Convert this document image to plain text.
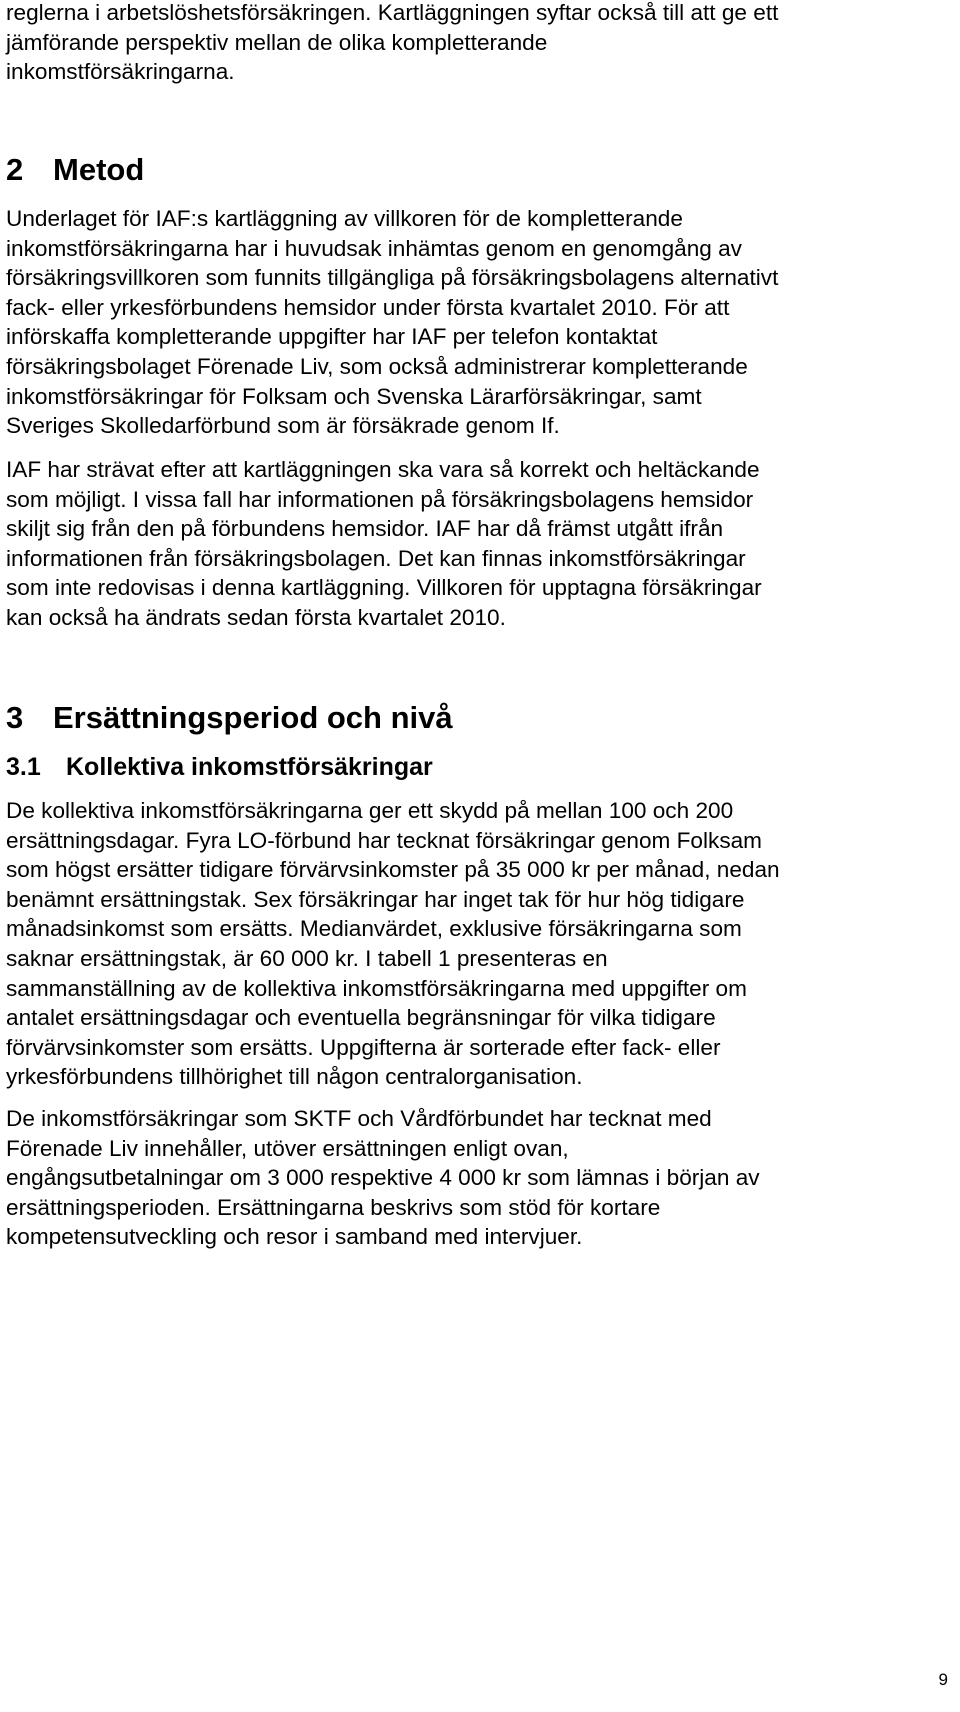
reglerna i arbetslöshetsförsäkringen. Kartläggningen syftar också till att ge ett
jämförande perspektiv mellan de olika kompletterande
inkomstförsäkringarna.

2 Metod

Underlaget för IAF:s kartläggning av villkoren för de kompletterande
inkomstförsäkringarna har i huvudsak inhämtas genom en genomgång av
försäkringsvillkoren som funnits tillgängliga på försäkringsbolagens alternativt
fack- eller yrkesförbundens hemsidor under första kvartalet 2010. För att
införskaffa kompletterande uppgifter har IAF per telefon kontaktat
försäkringsbolaget Förenade Liv, som också administrerar kompletterande
inkomstförsäkringar för Folksam och Svenska Lärarförsäkringar, samt
Sveriges Skolledarförbund som är försäkrade genom If.

IAF har strävat efter att kartläggningen ska vara så korrekt och heltäckande
som möjligt. I vissa fall har informationen på försäkringsbolagens hemsidor
skiljt sig från den på förbundens hemsidor. IAF har då främst utgått ifrån
informationen från försäkringsbolagen. Det kan finnas inkomstförsäkringar
som inte redovisas i denna kartläggning. Villkoren för upptagna försäkringar
kan också ha ändrats sedan första kvartalet 2010.

3 Ersättningsperiod och nivå
3.1 Kollektiva inkomstförsäkringar

De kollektiva inkomstförsäkringarna ger ett skydd på mellan 100 och 200
ersättningsdagar. Fyra LO-förbund har tecknat försäkringar genom Folksam
som högst ersätter tidigare förvärvsinkomster på 35 000 kr per månad, nedan
benämnt ersättningstak. Sex försäkringar har inget tak för hur hög tidigare
månadsinkomst som ersätts. Medianvärdet, exklusive försäkringarna som
saknar ersättningstak, är 60 000 kr. I tabell 1 presenteras en
sammanställning av de kollektiva inkomstförsäkringarna med uppgifter om
antalet ersättningsdagar och eventuella begränsningar för vilka tidigare
förvärvsinkomster som ersätts. Uppgifterna är sorterade efter fack- eller
yrkesförbundens tillhörighet till någon centralorganisation.

De inkomstförsäkringar som SKTF och Vårdförbundet har tecknat med
Förenade Liv innehåller, utöver ersättningen enligt ovan,
engångsutbetalningar om 3 000 respektive 4 000 kr som lämnas i början av
ersättningsperioden. Ersättningarna beskrivs som stöd för kortare
kompetensutveckling och resor i samband med intervjuer.

9
